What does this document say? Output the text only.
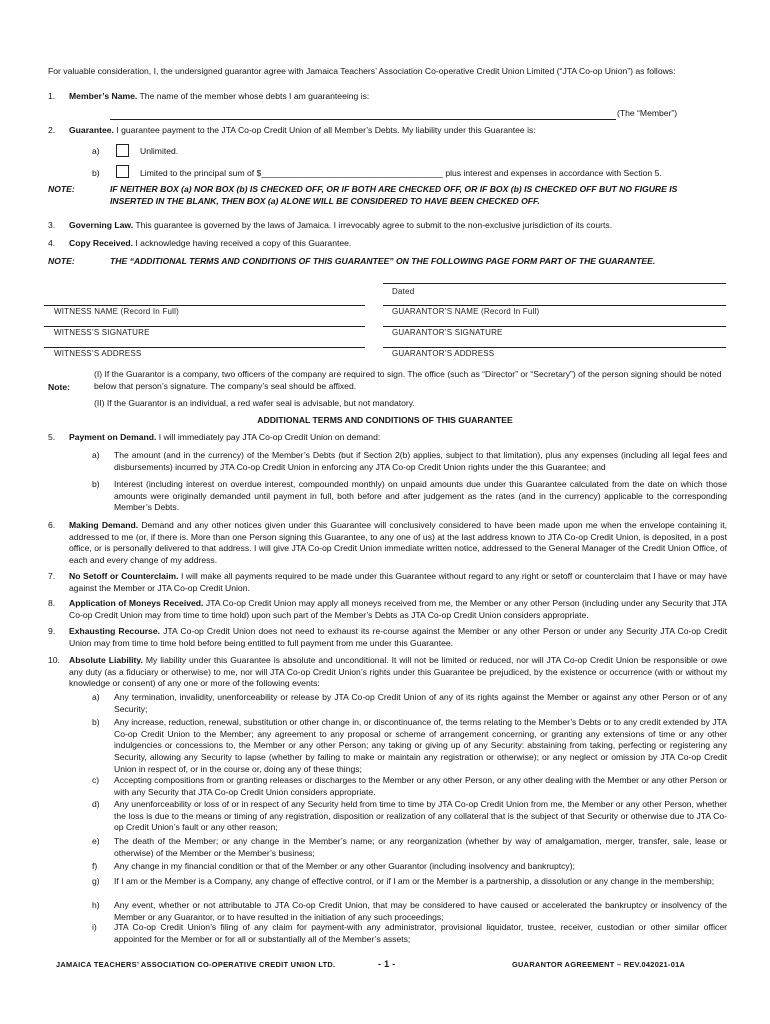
For valuable consideration, I, the undersigned guarantor agree with Jamaica Teachers’ Association Co-operative Credit Union Limited (“JTA Co-op Union”) as follows:
1. Member’s Name. The name of the member whose debts I am guaranteeing is:
(The “Member”)
2. Guarantee. I guarantee payment to the JTA Co-op Credit Union of all Member’s Debts. My liability under this Guarantee is:
a)	Unlimited.
b)	Limited to the principal sum of $______________________________________ plus interest and expenses in accordance with Section 5.
NOTE:	IF NEITHER BOX (a) NOR BOX (b) IS CHECKED OFF, OR IF BOTH ARE CHECKED OFF, OR IF BOX (b) IS CHECKED OFF BUT NO FIGURE IS INSERTED IN THE BLANK, THEN BOX (a) ALONE WILL BE CONSIDERED TO HAVE BEEN CHECKED OFF.
3. Governing Law. This guarantee is governed by the laws of Jamaica. I irrevocably agree to submit to the non-exclusive jurisdiction of its courts.
4. Copy Received. I acknowledge having received a copy of this Guarantee.
NOTE:	THE “ADDITIONAL TERMS AND CONDITIONS OF THIS GUARANTEE” ON THE FOLLOWING PAGE FORM PART OF THE GUARANTEE.
Dated
WITNESS NAME (Record In Full)	GUARANTOR’S NAME (Record In Full)
WITNESS’S SIGNATURE	GUARANTOR’S SIGNATURE
WITNESS’S ADDRESS	GUARANTOR’S ADDRESS
Note:
(I) If the Guarantor is a company, two officers of the company are required to sign. The office (such as “Director” or “Secretary”) of the person signing should be noted below that person’s signature. The company’s seal should be affixed.
(II) If the Guarantor is an individual, a red wafer seal is advisable, but not mandatory.
ADDITIONAL TERMS AND CONDITIONS OF THIS GUARANTEE
5. Payment on Demand. I will immediately pay JTA Co-op Credit Union on demand:
a) The amount (and in the currency) of the Member’s Debts (but if Section 2(b) applies, subject to that limitation), plus any expenses (including all legal fees and disbursements) incurred by JTA Co-op Credit Union in enforcing any JTA Co-op Credit Union rights under the this Guarantee; and
b) Interest (including interest on overdue interest, compounded monthly) on unpaid amounts due under this Guarantee calculated from the date on which those amounts were originally demanded until payment in full, both before and after judgement as the rates (and in the currency) applicable to the corresponding Member’s Debts.
6. Making Demand. Demand and any other notices given under this Guarantee will conclusively considered to have been made upon me when the envelope containing it, addressed to me (or, if there is. More than one Person signing this Guarantee, to any one of us) at the last address known to JTA Co-op Credit Union, is deposited, in a post office, or is personally delivered to that address. I will give JTA Co-op Credit Union immediate written notice, addressed to the General Manager of the Credit Union Office, of each and every change of my address.
7. No Setoff or Counterclaim. I will make all payments required to be made under this Guarantee without regard to any right or setoff or counterclaim that I have or may have against the Member or JTA Co-op Credit Union.
8. Application of Moneys Received. JTA Co-op Credit Union may apply all moneys received from me, the Member or any other Person (including under any Security that JTA Co-op Credit Union may from time to time hold) upon such part of the Member’s Debts as JTA Co-op Credit Union considers appropriate.
9. Exhausting Recourse. JTA Co-op Credit Union does not need to exhaust its re-course against the Member or any other Person or under any Security JTA Co-op Credit Union may from time to time hold before being entitled to full payment from me under this Guarantee.
10. Absolute Liability. My liability under this Guarantee is absolute and unconditional. It will not be limited or reduced, nor will JTA Co-op Credit Union be responsible or owe any duty (as a fiduciary or otherwise) to me, nor will JTA Co-op Credit Union’s rights under this Guarantee be prejudiced, by the existence or occurrence (with or without my knowledge or consent) of any one or more of the following events:
a) Any termination, invalidity, unenforceability or release by JTA Co-op Credit Union of any of its rights against the Member or against any other Person or of any Security;
b) Any increase, reduction, renewal, substitution or other change in, or discontinuance of, the terms relating to the Member’s Debts or to any credit extended by JTA Co-op Credit Union to the Member; any agreement to any proposal or scheme of arrangement concerning, or granting any extensions of time or any other indulgencies or concessions to, the Member or any other Person; any taking or giving up of any Security: abstaining from taking, perfecting or registering any Security, allowing any Security to lapse (whether by failing to make or maintain any registration or otherwise); or any neglect or omission by JTA Co-op Credit Union in respect of, or in the course or, doing any of these things;
c) Accepting compositions from or granting releases or discharges to the Member or any other Person, or any other dealing with the Member or any other Person or with any Security that JTA Co-op Credit Union considers appropriate.
d) Any unenforceability or loss of or in respect of any Security held from time to time by JTA Co-op Credit Union from me, the Member or any other Person, whether the loss is due to the means or timing of any registration, disposition or realization of any collateral that is the subject of that Security or otherwise due to JTA Co-op Credit Union’s fault or any other reason;
e) The death of the Member; or any change in the Member’s name; or any reorganization (whether by way of amalgamation, merger, transfer, sale, lease or otherwise) of the Member or the Member’s business;
f) Any change in my financial condition or that of the Member or any other Guarantor (including insolvency and bankruptcy);
g) If I am or the Member is a Company, any change of effective control, or if I am or the Member is a partnership, a dissolution or any change in the membership;
h) Any event, whether or not attributable to JTA Co-op Credit Union, that may be considered to have caused or accelerated the bankruptcy or insolvency of the Member or any Guarantor, or to have resulted in the initiation of any such proceedings;
i) JTA Co-op Credit Union’s filing of any claim for payment-with any administrator, provisional liquidator, trustee, receiver, custodian or other similar officer appointed for the Member or for all or substantially all of the Member’s assets;
JAMAICA TEACHERS’ ASSOCIATION CO-OPERATIVE CREDIT UNION LTD.	- 1 -	GUARANTOR AGREEMENT – REV.042021-01A
